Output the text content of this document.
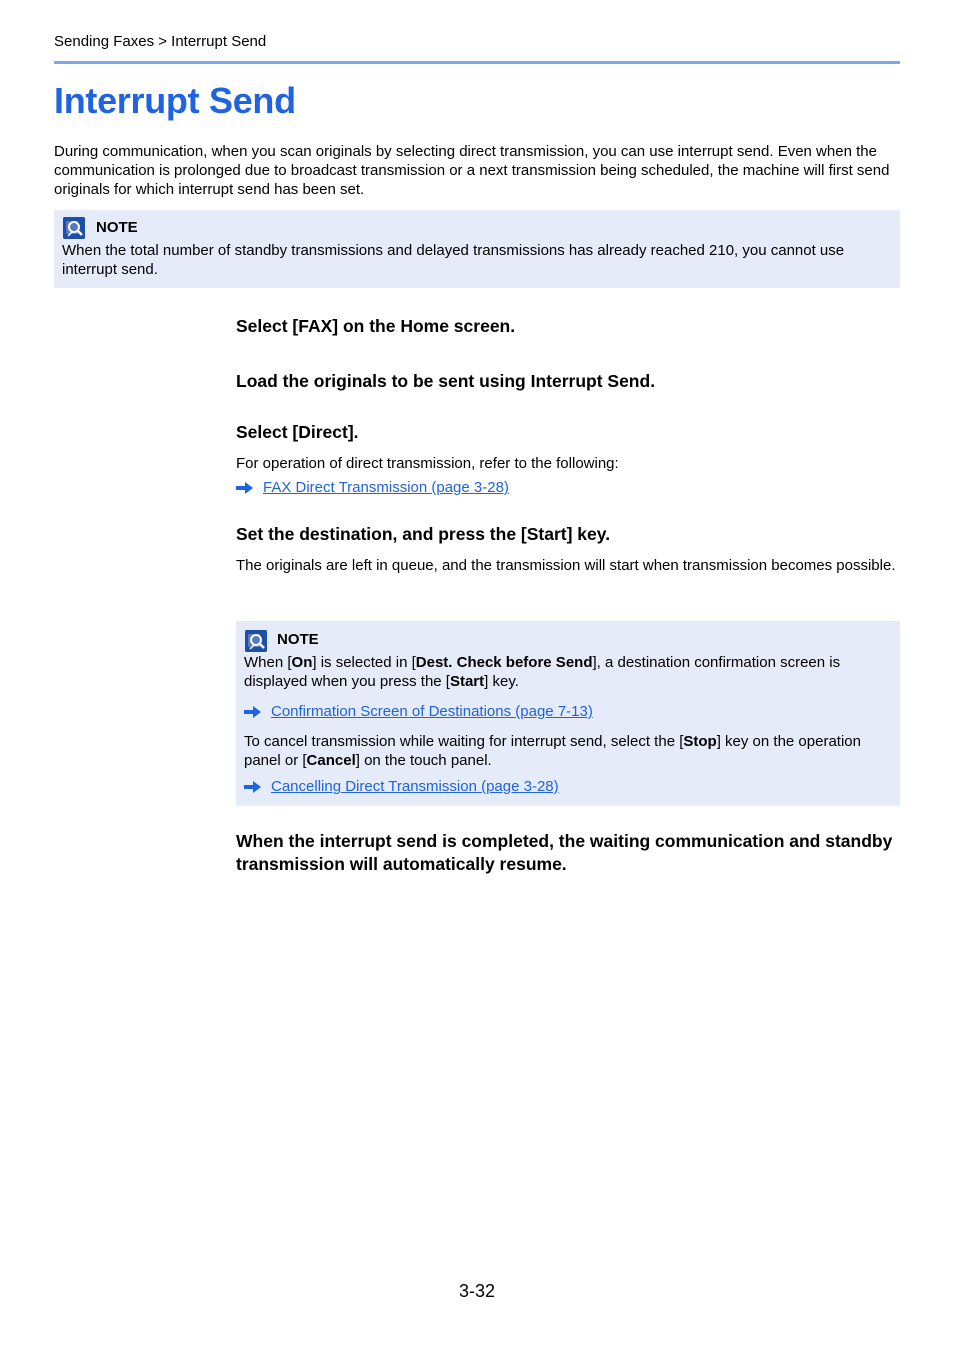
Sending Faxes > Interrupt Send
Interrupt Send

During communication, when you scan originals by selecting direct transmission, you can use interrupt send. Even when the communication is prolonged due to broadcast transmission or a next transmission being scheduled, the machine will first send originals for which interrupt send has been set.

NOTE

When the total number of standby transmissions and delayed transmissions has already reached 210, you cannot use interrupt send.

Select [FAX] on the Home screen.
Load the originals to be sent using Interrupt Send.
Select [Direct].

For operation of direct transmission, refer to the following:

FAX Direct Transmission (page 3-28)
Set the destination, and press the [Start] key.

The originals are left in queue, and the transmission will start when transmission becomes possible.

NOTE

When [On] is selected in [Dest. Check before Send], a destination confirmation screen is displayed when you press the [Start] key.

Confirmation Screen of Destinations (page 7-13)

To cancel transmission while waiting for interrupt send, select the [Stop] key on the operation panel or [Cancel] on the touch panel.

Cancelling Direct Transmission (page 3-28)
When the interrupt send is completed, the waiting communication and standby transmission will automatically resume.
3-32
